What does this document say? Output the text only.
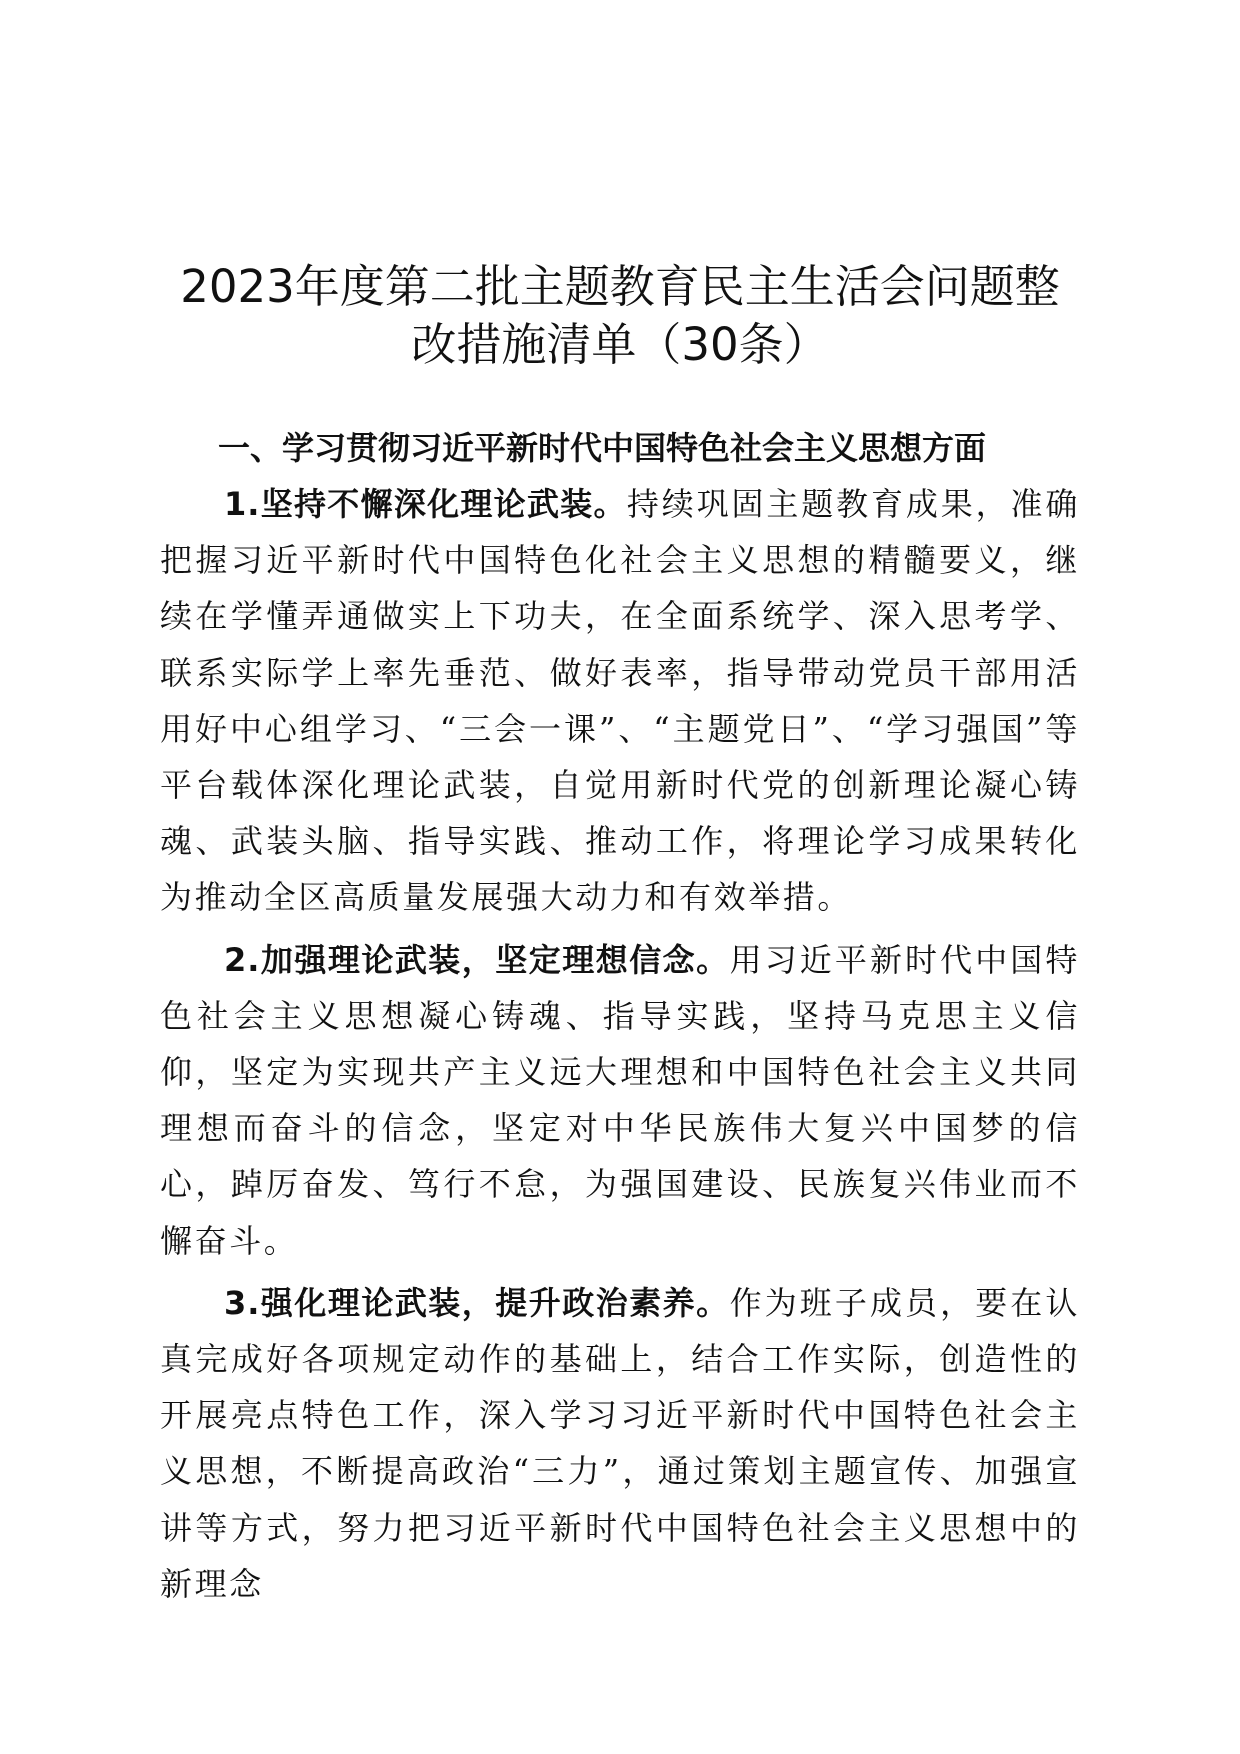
2023年度第二批主题教育民主生活会问题整
改措施清单（30条）
一、学习贯彻习近平新时代中国特色社会主义思想方面

1.坚持不懈深化理论武装。持续巩固主题教育成果，准确把握习近平新时代中国特色化社会主义思想的精髓要义，继续在学懂弄通做实上下功夫，在全面系统学、深入思考学、联系实际学上率先垂范、做好表率，指导带动党员干部用活用好中心组学习、“三会一课”、“主题党日”、“学习强国”等平台载体深化理论武装，自觉用新时代党的创新理论凝心铸魂、武装头脑、指导实践、推动工作，将理论学习成果转化为推动全区高质量发展强大动力和有效举措。

2.加强理论武装，坚定理想信念。用习近平新时代中国特色社会主义思想凝心铸魂、指导实践，坚持马克思主义信仰，坚定为实现共产主义远大理想和中国特色社会主义共同理想而奋斗的信念，坚定对中华民族伟大复兴中国梦的信心，踔厉奋发、笃行不怠，为强国建设、民族复兴伟业而不懈奋斗。

3.强化理论武装，提升政治素养。作为班子成员，要在认真完成好各项规定动作的基础上，结合工作实际，创造性的开展亮点特色工作，深入学习习近平新时代中国特色社会主义思想，不断提高政治“三力”，通过策划主题宣传、加强宣讲等方式，努力把习近平新时代中国特色社会主义思想中的新理念
